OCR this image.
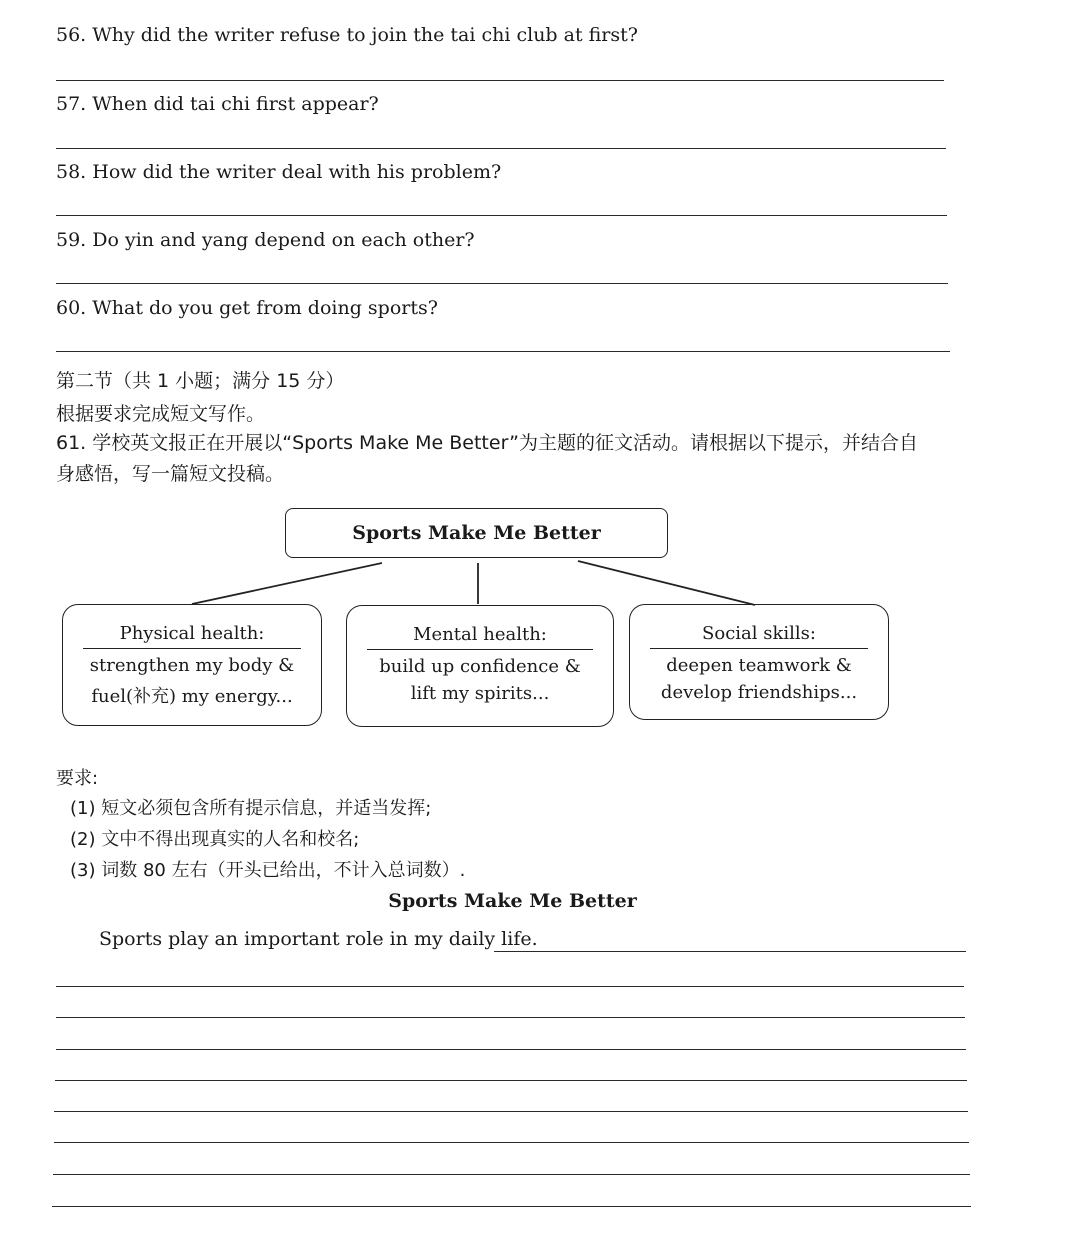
56. Why did the writer refuse to join the tai chi club at first?
57. When did tai chi first appear?
58. How did the writer deal with his problem?
59. Do yin and yang depend on each other?
60. What do you get from doing sports?
第二节（共 1 小题；满分 15 分）
根据要求完成短文写作。
61. 学校英文报正在开展以“Sports Make Me Better”为主题的征文活动。请根据以下提示，并结合自
身感悟，写一篇短文投稿。
Sports Make Me Better
Physical health:
strengthen my body &
fuel(补充) my energy...
Mental health:
build up confidence &
lift my spirits...
Social skills:
deepen teamwork &
develop friendships...
要求:
(1) 短文必须包含所有提示信息，并适当发挥;
(2) 文中不得出现真实的人名和校名;
(3) 词数 80 左右（开头已给出，不计入总词数）.
Sports Make Me Better
Sports play an important role in my daily life.
